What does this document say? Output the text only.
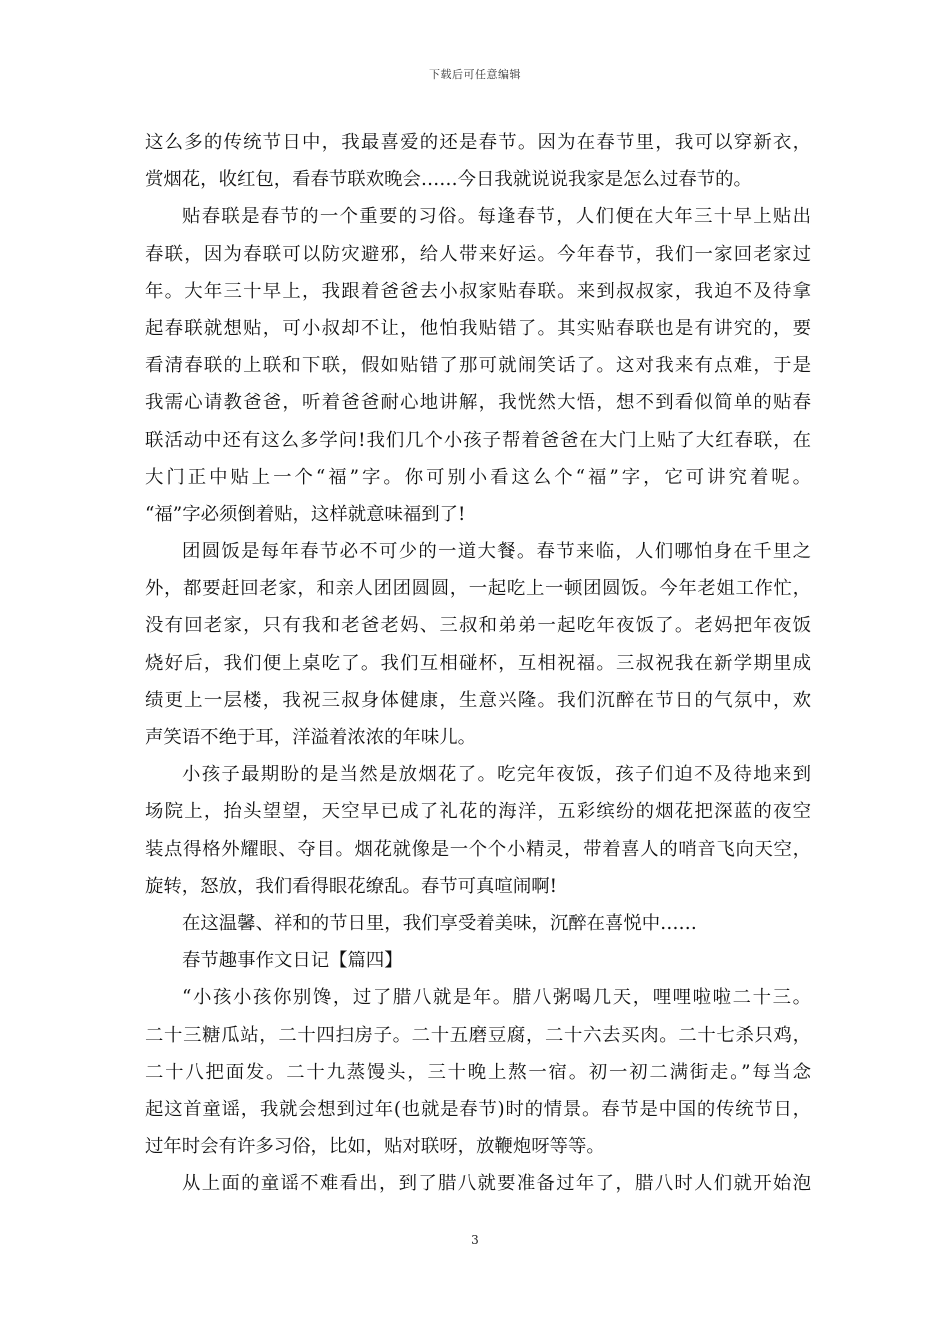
下载后可任意编辑
这么多的传统节日中，我最喜爱的还是春节。因为在春节里，我可以穿新衣，
赏烟花，收红包，看春节联欢晚会……今日我就说说我家是怎么过春节的。
贴春联是春节的一个重要的习俗。每逢春节，人们便在大年三十早上贴出
春联，因为春联可以防灾避邪，给人带来好运。今年春节，我们一家回老家过
年。大年三十早上，我跟着爸爸去小叔家贴春联。来到叔叔家，我迫不及待拿
起春联就想贴，可小叔却不让，他怕我贴错了。其实贴春联也是有讲究的，要
看清春联的上联和下联，假如贴错了那可就闹笑话了。这对我来有点难，于是
我需心请教爸爸，听着爸爸耐心地讲解，我恍然大悟，想不到看似简单的贴春
联活动中还有这么多学问!我们几个小孩子帮着爸爸在大门上贴了大红春联，在
大门正中贴上一个“福”字。你可别小看这么个“福”字，它可讲究着呢。
“福”字必须倒着贴，这样就意味福到了!
团圆饭是每年春节必不可少的一道大餐。春节来临，人们哪怕身在千里之
外，都要赶回老家，和亲人团团圆圆，一起吃上一顿团圆饭。今年老姐工作忙，
没有回老家，只有我和老爸老妈、三叔和弟弟一起吃年夜饭了。老妈把年夜饭
烧好后，我们便上桌吃了。我们互相碰杯，互相祝福。三叔祝我在新学期里成
绩更上一层楼，我祝三叔身体健康，生意兴隆。我们沉醉在节日的气氛中，欢
声笑语不绝于耳，洋溢着浓浓的年味儿。
小孩子最期盼的是当然是放烟花了。吃完年夜饭，孩子们迫不及待地来到
场院上，抬头望望，天空早已成了礼花的海洋，五彩缤纷的烟花把深蓝的夜空
装点得格外耀眼、夺目。烟花就像是一个个小精灵，带着喜人的哨音飞向天空，
旋转，怒放，我们看得眼花缭乱。春节可真喧闹啊!
在这温馨、祥和的节日里，我们享受着美味，沉醉在喜悦中……
春节趣事作文日记【篇四】
“小孩小孩你别馋，过了腊八就是年。腊八粥喝几天，哩哩啦啦二十三。
二十三糖瓜站，二十四扫房子。二十五磨豆腐，二十六去买肉。二十七杀只鸡，
二十八把面发。二十九蒸馒头，三十晚上熬一宿。初一初二满街走。”每当念
起这首童谣，我就会想到过年(也就是春节)时的情景。春节是中国的传统节日，
过年时会有许多习俗，比如，贴对联呀，放鞭炮呀等等。
从上面的童谣不难看出，到了腊八就要准备过年了，腊八时人们就开始泡
3
